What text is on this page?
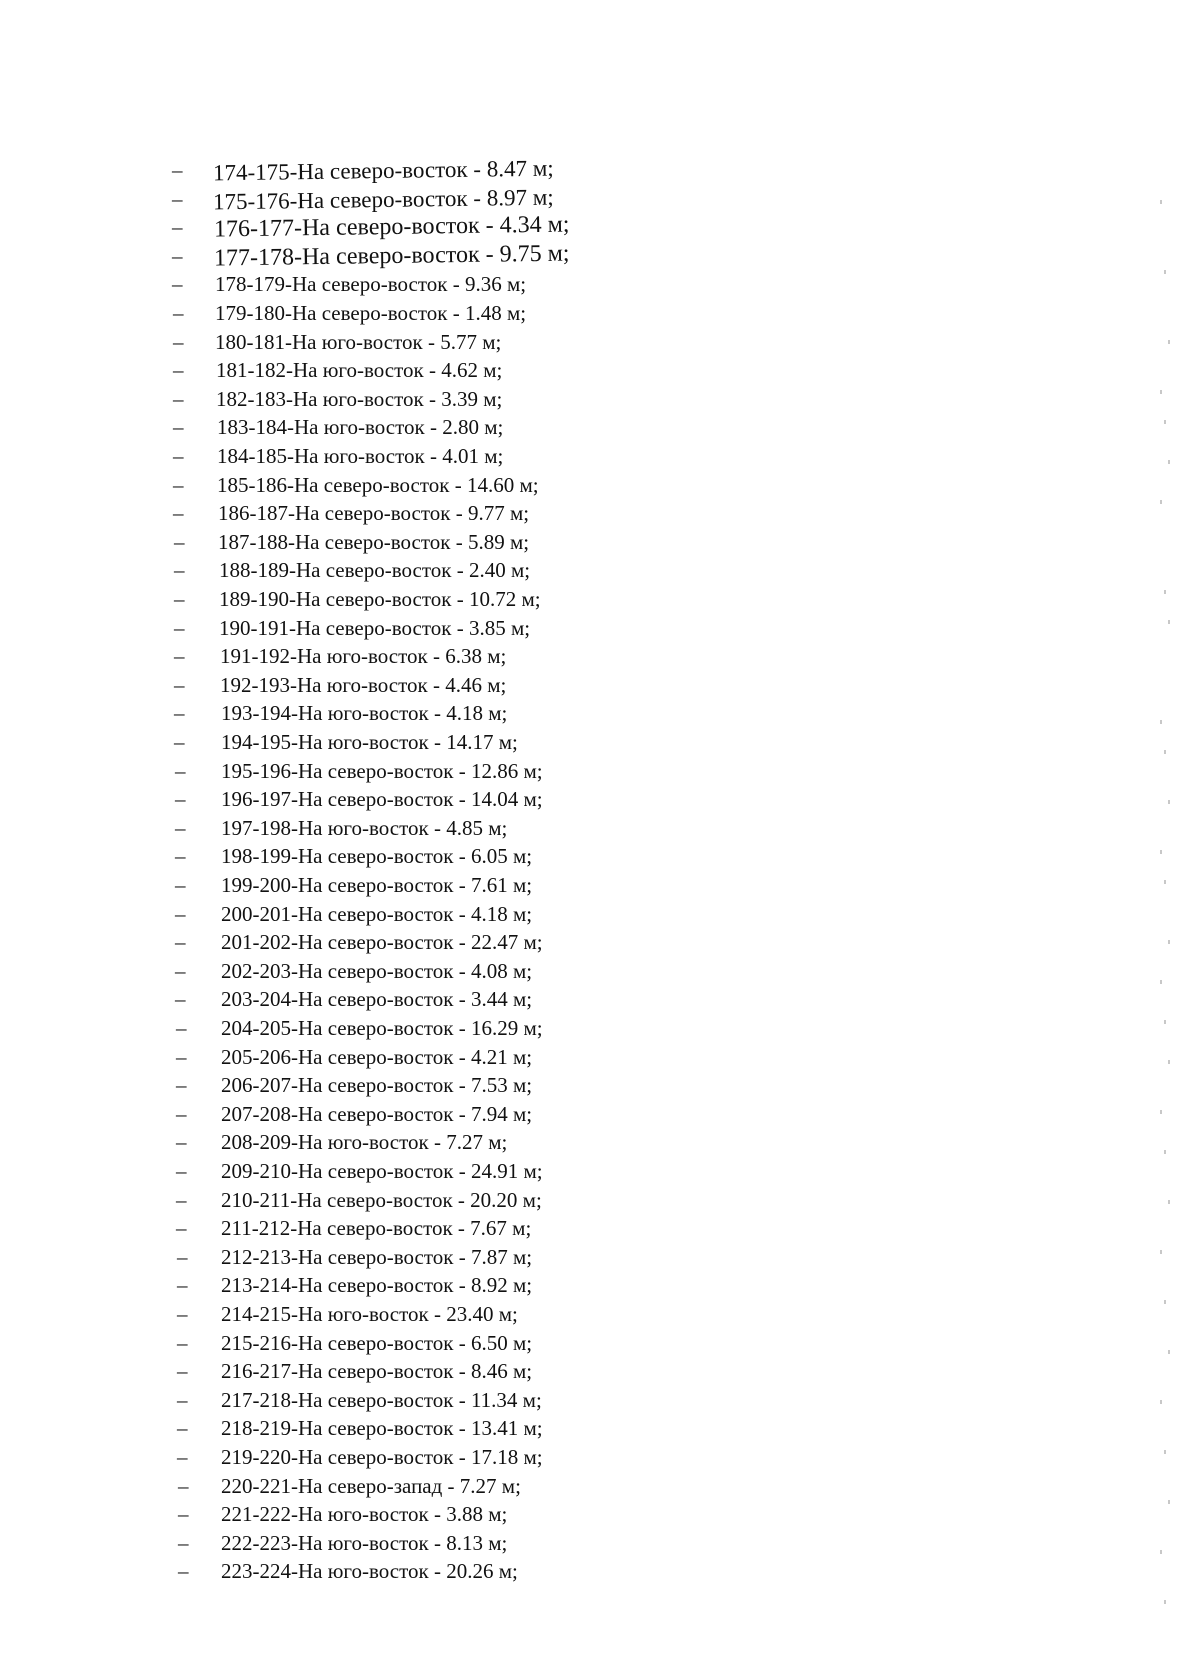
– 174-175-На северо-восток - 8.47 м;
– 175-176-На северо-восток - 8.97 м;
– 176-177-На северо-восток - 4.34 м;
– 177-178-На северо-восток - 9.75 м;
– 178-179-На северо-восток - 9.36 м;
– 179-180-На северо-восток - 1.48 м;
– 180-181-На юго-восток - 5.77 м;
– 181-182-На юго-восток - 4.62 м;
– 182-183-На юго-восток - 3.39 м;
– 183-184-На юго-восток - 2.80 м;
– 184-185-На юго-восток - 4.01 м;
– 185-186-На северо-восток - 14.60 м;
– 186-187-На северо-восток - 9.77 м;
– 187-188-На северо-восток - 5.89 м;
– 188-189-На северо-восток - 2.40 м;
– 189-190-На северо-восток - 10.72 м;
– 190-191-На северо-восток - 3.85 м;
– 191-192-На юго-восток - 6.38 м;
– 192-193-На юго-восток - 4.46 м;
– 193-194-На юго-восток - 4.18 м;
– 194-195-На юго-восток - 14.17 м;
– 195-196-На северо-восток - 12.86 м;
– 196-197-На северо-восток - 14.04 м;
– 197-198-На юго-восток - 4.85 м;
– 198-199-На северо-восток - 6.05 м;
– 199-200-На северо-восток - 7.61 м;
– 200-201-На северо-восток - 4.18 м;
– 201-202-На северо-восток - 22.47 м;
– 202-203-На северо-восток - 4.08 м;
– 203-204-На северо-восток - 3.44 м;
– 204-205-На северо-восток - 16.29 м;
– 205-206-На северо-восток - 4.21 м;
– 206-207-На северо-восток - 7.53 м;
– 207-208-На северо-восток - 7.94 м;
– 208-209-На юго-восток - 7.27 м;
– 209-210-На северо-восток - 24.91 м;
– 210-211-На северо-восток - 20.20 м;
– 211-212-На северо-восток - 7.67 м;
– 212-213-На северо-восток - 7.87 м;
– 213-214-На северо-восток - 8.92 м;
– 214-215-На юго-восток - 23.40 м;
– 215-216-На северо-восток - 6.50 м;
– 216-217-На северо-восток - 8.46 м;
– 217-218-На северо-восток - 11.34 м;
– 218-219-На северо-восток - 13.41 м;
– 219-220-На северо-восток - 17.18 м;
– 220-221-На северо-запад - 7.27 м;
– 221-222-На юго-восток - 3.88 м;
– 222-223-На юго-восток - 8.13 м;
– 223-224-На юго-восток - 20.26 м;
